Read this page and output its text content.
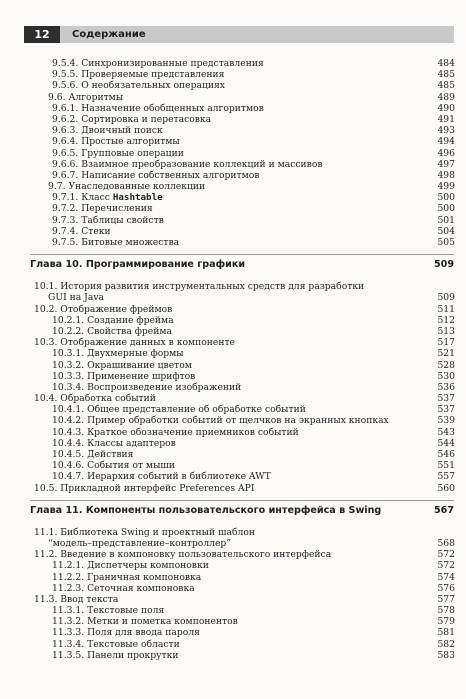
12	Содержание
9.5.4. Синхронизированные представления	484
9.5.5. Проверяемые представления	485
9.5.6. О необязательных операциях	485
9.6. Алгоритмы	489
9.6.1. Назначение обобщенных алгоритмов	490
9.6.2. Сортировка и перетасовка	491
9.6.3. Двоичный поиск	493
9.6.4. Простые алгоритмы	494
9.6.5. Групповые операции	496
9.6.6. Взаимное преобразование коллекций и массивов	497
9.6.7. Написание собственных алгоритмов	498
9.7. Унаследованные коллекции	499
9.7.1. Класс Hashtable	500
9.7.2. Перечисления	500
9.7.3. Таблицы свойств	501
9.7.4. Стеки	504
9.7.5. Битовые множества	505
Глава 10. Программирование графики	509
10.1. История развития инструментальных средств для разработки
GUI на Java	509
10.2. Отображение фреймов	511
10.2.1. Создание фрейма	512
10.2.2. Свойства фрейма	513
10.3. Отображение данных в компоненте	517
10.3.1. Двухмерные формы	521
10.3.2. Окрашивание цветом	528
10.3.3. Применение шрифтов	530
10.3.4. Воспроизведение изображений	536
10.4. Обработка событий	537
10.4.1. Общее представление об обработке событий	537
10.4.2. Пример обработки событий от щелчков на экранных кнопках	539
10.4.3. Краткое обозначение приемников событий	543
10.4.4. Классы адаптеров	544
10.4.5. Действия	546
10.4.6. События от мыши	551
10.4.7. Иерархия событий в библиотеке AWT	557
10.5. Прикладной интерфейс Preferences API	560
Глава 11. Компоненты пользовательского интерфейса в Swing	567
11.1. Библиотека Swing и проектный шаблон
“модель–представление–контроллер”	568
11.2. Введение в компоновку пользовательского интерфейса	572
11.2.1. Диспетчеры компоновки	572
11.2.2. Граничная компоновка	574
11.2.3. Сеточная компоновка	576
11.3. Ввод текста	577
11.3.1. Текстовые поля	578
11.3.2. Метки и пометка компонентов	579
11.3.3. Поля для ввода пароля	581
11.3.4. Текстовые области	582
11.3.5. Панели прокрутки	583
